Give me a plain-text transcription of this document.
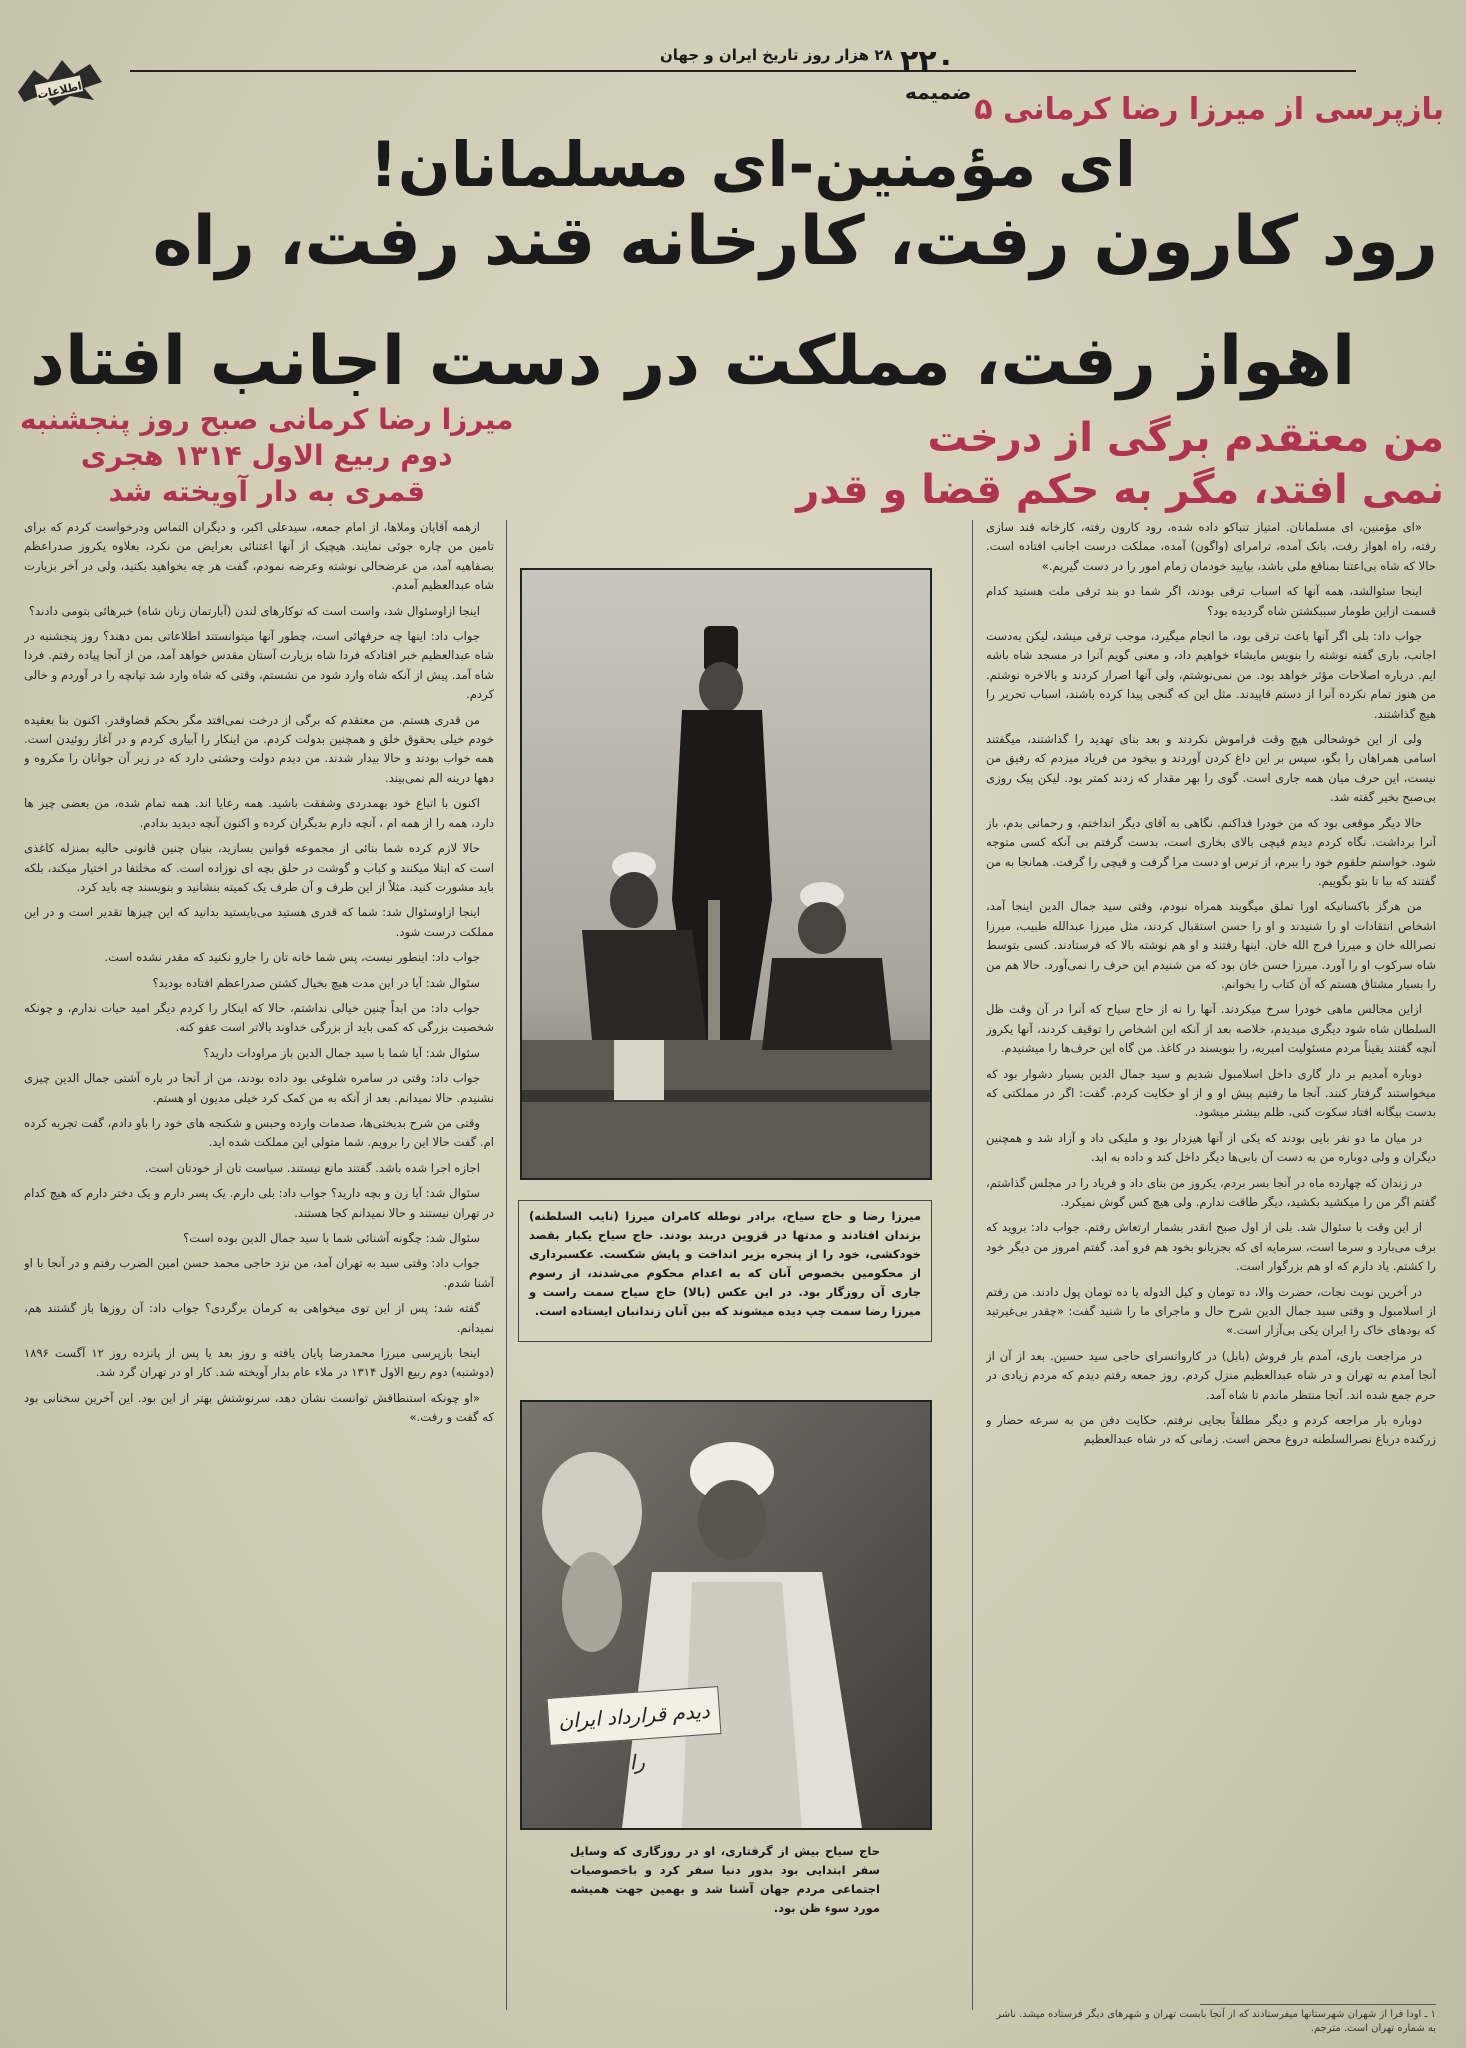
اطلاعات
۲۸ هزار روز تاریخ ایران و جهان ۲۲۰
ضمیمه بازپرسی از میرزا رضا کرمانی ۵
ای مؤمنین-ای مسلمانان!
رود کارون رفت، کارخانه قند رفت، راه
اهواز رفت، مملکت در دست اجانب افتاد
من معتقدم برگی از درخت
نمی افتد، مگر به حکم قضا و قدر
میرزا رضا کرمانی صبح روز پنجشنبه
دوم ربیع الاول ۱۳۱۴ هجری
قمری به دار آویخته شد

«ای مؤمنین، ای مسلمانان. امتیاز تنباکو داده شده، رود کارون رفته، کارخانه قند سازی رفته، راه اهواز رفت، بانک آمده، ترامرای (واگون) آمده، مملکت درست اجانب افتاده است. حالا که شاه بی‌اعتنا بمنافع ملی باشد، بیایید خودمان زمام امور را در دست گیریم.»

اینجا سئوالشد، همه آنها که اسباب ترقی بودند، اگر شما دو بند ترقی ملت هستید کدام قسمت ازاین طومار سببکشتن شاه گردیده بود؟

جواب داد: بلی اگر آنها باعث ترقی بود، ما انجام میگیرد، موجب ترقی میشد، لیکن به‌دست اجانب، باری گفته نوشته را بنویس مایشاء خواهیم داد، و معنی گویم آنرا در مسجد شاه باشه ایم. درباره اصلاحات مؤثر خواهد بود. من نمی‌نوشتم، ولی آنها اصرار کردند و بالاخره نوشتم. من هنوز تمام نکرده آنرا از دستم قاپیدند. مثل این که گنجی پیدا کرده باشند، اسباب تحریر را هیچ گذاشتند.

ولی از این خوشحالی هیچ وقت فراموش نکردند و بعد بنای تهدید را گذاشتند، میگفتند اسامی همراهان را بگو، سپس بر این داغ کردن آوردند و بیخود من فریاد میزدم که رفیق من نیست، این حرف میان همه جاری است. گوی را بهر مقدار که زدند کمتر بود. لیکن پیک روزی بی‌صبح بخیر گفته شد.

حالا دیگر موقعی بود که من خودرا فداکنم. نگاهی به آقای دیگر انداختم، و رحمانی بدم، باز آنرا برداشت. نگاه کردم دیدم قیچی بالای بخاری است، بدست گرفتم بی آنکه کسی متوجه شود. خواستم حلقوم خود را ببرم، از ترس او دست مرا گرفت و قیچی را گرفت. همانجا به من گفتند که بیا تا بتو بگوییم.

من هرگز باکسانیکه اورا تملق میگویند همراه نبودم، وقتی سید جمال الدین اینجا آمد، اشخاص انتقادات او را شنیدند و او را حسن استقبال کردند، مثل میرزا عبدالله طبیب، میرزا نصرالله خان و میرزا فرج الله خان. اینها رفتند و او هم نوشته بالا که فرستادند. کسی بتوسط شاه سرکوب او را آورد. میرزا حسن خان بود که من شنیدم این حرف را نمی‌آورد. حالا هم من را بسیار مشتاق هستم که آن کتاب را بخوانم.

ازاین مجالس ماهی خودرا سرخ میکردند. آنها را نه از حاج سیاح که آنرا در آن وقت ظل السلطان شاه شود دیگری میدیدم، خلاصه بعد از آنکه این اشخاص را توقیف کردند، آنها یکروز آنچه گفتند یقیناً مردم مسئولیت امیریه، را بنویسند در کاغذ. من گاه این حرف‌ها را میشنیدم.

دوباره آمدیم بر دار گاری داخل اسلامبول شدیم و سید جمال الدین بسیار دشوار بود که میخواستند گرفتار کنند. آنجا ما رفتیم پیش او و از او حکایت کردم. گفت: اگر در مملکتی که بدست بیگانه افتاد سکوت کنی، ظلم بیشتر میشود.

در میان ما دو نفر بایی بودند که یکی از آنها هیزدار بود و ملیکی داد و آزاد شد و همچنین دیگران و ولی دوباره من به دست آن بابی‌ها دیگر داخل کند و داده به ابد.

در زندان که چهارده ماه در آنجا بسر بردم، یکروز من بنای داد و فریاد را در مجلس گذاشتم، گفتم اگر من را میکشید بکشید، دیگر طاقت ندارم. ولی هیچ کس گوش نمیکرد.

از این وقت با سئوال شد. بلی از اول صبح انقدر بشمار ارتعاش رفتم. جواب داد: بروید که برف می‌بارد و سرما است، سرمایه ای که بجزیانو بخود هم فرو آمد. گفتم امروز من دیگر خود را کشتم. یاد دارم که او هم بزرگوار است.

در آخرین نوبت نجات، حضرت والا، ده تومان و کیل الدوله یا ده تومان پول دادند. من رفتم از اسلامبول و وقتی سید جمال الدین شرح حال و ماجرای ما را شنید گفت: «چقدر بی‌غیرتید که بودهای خاک را ایران یکی بی‌آزار است.»

در مراجعت باری، آمدم بار فروش (بابل) در کاروانسرای حاجی سید حسین. بعد از آن از آنجا آمدم به تهران و در شاه عبدالعظیم منزل کردم. روز جمعه رفتم دیدم که مردم زیادی در حرم جمع شده اند. آنجا منتظر ماندم تا شاه آمد.

دوباره بار مراجعه کردم و دیگر مطلقاً بجایی نرفتم. حکایت دفن من به سرعه حضار و زرکنده درباغ نصرالسلطنه دروغ محض است. زمانی که در شاه عبدالعظیم

ازهمه آقایان وملاها، از امام جمعه، سیدعلی اکبر، و دیگران التماس ودرخواست کردم که برای تامین من چاره جوئی نمایند. هیچیک از آنها اعتنائی بعرایض من نکرد، بعلاوه یکروز صدراعظم بصفاهیه آمد، من عرضحالی نوشته وعرضه نمودم، گفت هر چه بخواهید بکنید، ولی در آخر بزیارت شاه عبدالعظیم آمدم.

اینجا ازاوسئوال شد، واست است که توکارهای لندن (آبارتمان زنان شاه) خبرهائی بتومی دادند؟

جواب داد: اینها چه حرفهائی است، چطور آنها میتوانستند اطلاعاتی بمن دهند؟ روز پنجشنبه در شاه عبدالعظیم خبر افتادکه فردا شاه بزیارت آستان مقدس خواهد آمد، من از آنجا پیاده رفتم. فردا شاه آمد. پیش از آنکه شاه وارد شود من نشستم، وقتی که شاه وارد شد تپانچه را در آوردم و خالی کردم.

من قدری هستم. من معتقدم که برگی از درخت نمی‌افتد مگر بحکم قضاوقدر. اکنون بنا بعقیده خودم خیلی بحقوق خلق و همچنین بدولت کردم. من اینکار را آبیاری کردم و در آغاز روئیدن است. همه خواب بودند و حالا بیدار شدند. من دیدم دولت وحشتی دارد که در زیر آن جوانان ‌را مکروه و دهها درینه الم نمی‌بیند.

اکنون با اتباع خود بهمدردی وشفقت باشید. همه رعایا اند. همه تمام شده، من بعضی چیز ها دارد، همه را از همه ام ، آنچه دارم بدیگران کرده و اکنون آنچه دیدید بدادم.

حالا لازم کرده شما بنائی از مجموعه قوانین بسازید، بنیان چنین قانونی حالیه بمنزله کاغذی است که ابتلا میکنند و کباب و گوشت در حلق بچه ای نوزاده است. که مخلتفا در اختیار میکند، بلکه باید مشورت کنید. مثلاً از این طرف و آن طرف یک کمیته بنشانید و بنویسند چه باید کرد.

اینجا ازاوسئوال شد: شما که قدری هستید می‌بایستید بدانید که این چیزها تقدیر است و در این مملکت درست شود.

جواب داد: اینطور نیست، پس شما خانه تان را جارو نکنید که مقدر نشده است.

سئوال شد: آیا در این مدت هیچ بخیال کشتن صدراعظم افتاده بودید؟

جواب داد: من ابداً چنین خیالی نداشتم، حالا که اینکار را کردم دیگر امید حیات ندارم، و چونکه شخصیت بزرگی که کمی باید از بزرگی خداوند بالاتر است عفو کنه.

سئوال شد: آیا شما با سید جمال الدین باز مراودات دارید؟

جواب داد: وقتی در سامره شلوغی بود داده بودند، من از آنجا در باره آشتی جمال الدین چیزی نشنیدم. حالا نمیدانم. بعد از آنکه به من کمک کرد خیلی مدیون او هستم.

وقتی من شرح بدبختی‌ها، صدمات وارده وحبس و شکنجه های خود را باو دادم، گفت تجربه کرده ام. گفت حالا این را برویم. شما متولی این مملکت شده اید.

اجازه اجرا شده باشد. گفتند مانع نیستند. سیاست تان از خودتان است.

سئوال شد: آیا زن و بچه دارید؟ جواب داد: بلی دارم. یک پسر دارم و یک دختر دارم که هیچ کدام در تهران نیستند و حالا نمیدانم کجا هستند.

سئوال شد: چگونه آشنائی شما با سید جمال الدین بوده است؟

جواب داد: وقتی سید به تهران آمد، من نزد حاجی محمد حسن امین الضرب رفتم و در آنجا با او آشنا شدم.

گفته شد: پس از این توی میخواهی به کرمان برگردی؟ جواب داد: آن روزها باز گشتند هم، نمیدانم.

اینجا بازپرسی میرزا محمدرضا پایان یافته و روز بعد یا پس از پانزده روز ۱۲ آگست ۱۸۹۶ (دوشنبه) دوم ربیع الاول ۱۳۱۴ در ملاء عام بدار آویخته شد. کار او در تهران گرد شد.

«او چونکه استنطاقش توانست نشان دهد، سرنوشتش بهتر از این بود. این آخرین سخنانی بود که گفت و رفت.»

میرزا رضا و حاج سیاح، برادر نوطله کامران میرزا (نایب السلطنه) بزندان افتادند و مدتها در قزوین دربند بودند. حاج سیاح یکبار بقصد خودکشی، خود را از پنجره بزیر انداخت و پایش شکست. عکسبرداری از محکومین بخصوص آنان که به اعدام محکوم می‌شدند، از رسوم جاری آن روزگار بود. در این عکس (بالا) حاج سیاح سمت راست و میرزا رضا سمت چپ دیده میشوند که بین آنان زندانبان ایستاده است.
دیدم قرارداد ایران را
حاج سیاح بیش از گرفتاری، او در روزگاری که وسایل سفر ابتدایی بود بدور دنیا سفر کرد و باخصوصیات اجتماعی مردم جهان آشنا شد و بهمین جهت همیشه مورد سوء ظن بود.
۱ ـ اودا فرا از شهران شهرستانها میفرستادند که از آنجا بابست تهران و شهرهای دیگر فرستاده میشد. ناشر به شماره تهران است. مترجم.
